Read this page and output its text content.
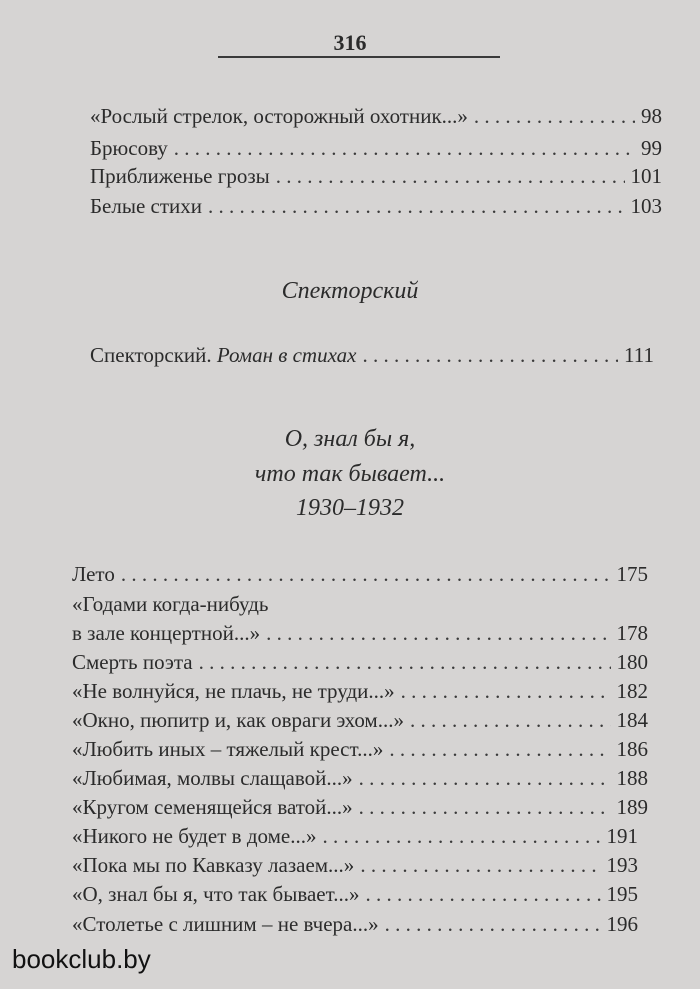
316
«Рослый стрелок, осторожный охотник...» . . .	98
Брюсову . . .	99
Приближенье грозы . . .	101
Белые стихи . . .	103
Спекторский
Спекторский. Роман в стихах . . .	111
О, знал бы я,
что так бывает...
1930–1932
Лето . . .	175
«Годами когда-нибудь
в зале концертной...» . . .	178
Смерть поэта . . .	180
«Не волнуйся, не плачь, не труди...» . . .	182
«Окно, пюпитр и, как овраги эхом...» . . .	184
«Любить иных – тяжелый крест...» . . .	186
«Любимая, молвы слащавой...» . . .	188
«Кругом семенящейся ватой...» . . .	189
«Никого не будет в доме...» . . .	191
«Пока мы по Кавказу лазаем...» . . .	193
«О, знал бы я, что так бывает...» . . .	195
«Столетье с лишним – не вчера...» . . .	196
bookclub.by
